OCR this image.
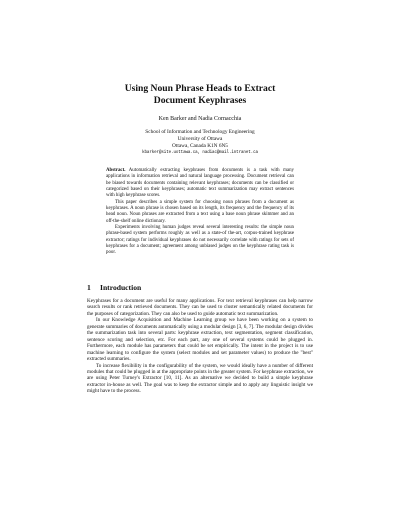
Using Noun Phrase Heads to Extract
Document Keyphrases
Ken Barker and Nadia Cornacchia
School of Information and Technology Engineering
University of Ottawa
Ottawa, Canada K1N 6N5
kbarker@site.uottawa.ca, nadiac@mail.intranet.ca

Abstract. Automatically extracting keyphrases from documents is a task with many applications in information retrieval and natural language processing. Document retrieval can be biased towards documents containing relevant keyphrases; documents can be classified or categorized based on their keyphrases; automatic text summarization may extract sentences with high keyphrase scores.

This paper describes a simple system for choosing noun phrases from a document as keyphrases. A noun phrase is chosen based on its length, its frequency and the frequency of its head noun. Noun phrases are extracted from a text using a base noun phrase skimmer and an off-the-shelf online dictionary.

Experiments involving human judges reveal several interesting results: the simple noun phrase-based system performs roughly as well as a state-of the-art, corpus-trained keyphrase extractor; ratings for individual keyphrases do not necessarily correlate with ratings for sets of keyphrases for a document; agreement among unbiased judges on the keyphrase rating task is poor.

1 Introduction

Keyphrases for a document are useful for many applications. For text retrieval keyphrases can help narrow search results or rank retrieved documents. They can be used to cluster semantically related documents for the purposes of categorization. They can also be used to guide automatic text summarization.

In our Knowledge Acquisition and Machine Learning group we have been working on a system to generate summaries of documents automatically using a modular design [3, 6, 7]. The modular design divides the summarization task into several parts: keyphrase extraction, text segmentation, segment classification, sentence scoring and selection, etc. For each part, any one of several systems could be plugged in. Furthermore, each module has parameters that could be set empirically. The intent in the project is to use machine learning to configure the system (select modules and set parameter values) to produce the "best" extracted summaries.

To increase flexibility in the configurability of the system, we would ideally have a number of different modules that could be plugged in at the appropriate points in the greater system. For keyphrase extraction, we are using Peter Turney's Extractor [10, 11]. As an alternative we decided to build a simple keyphrase extractor in-house as well. The goal was to keep the extractor simple and to apply any linguistic insight we might have to the process.
